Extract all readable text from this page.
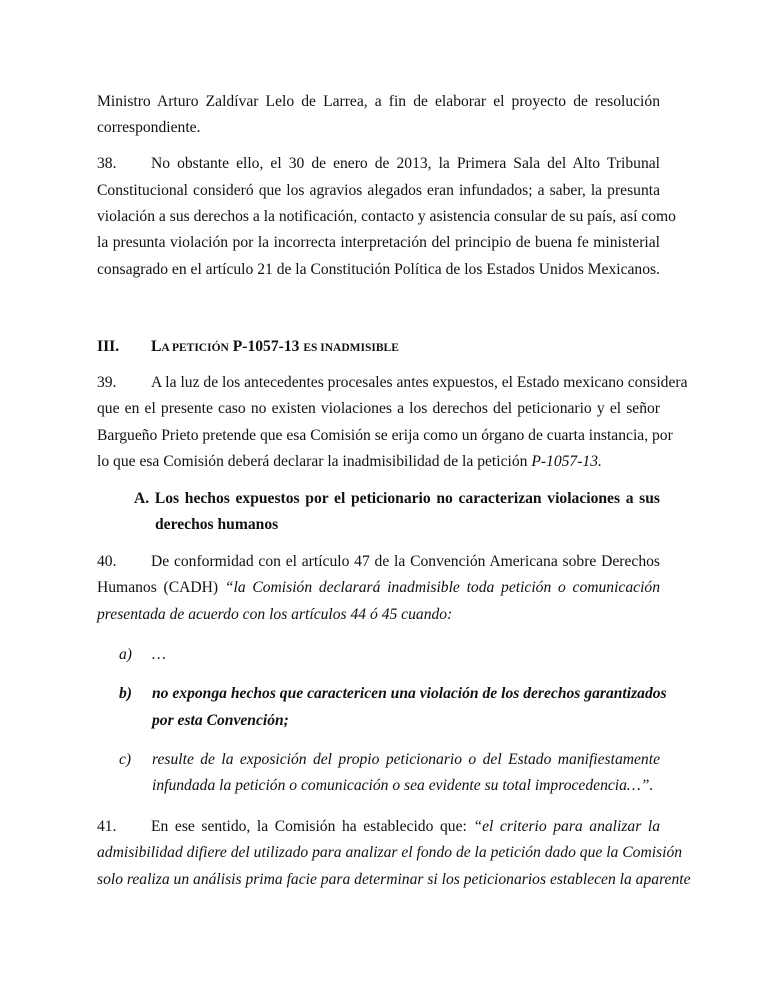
Ministro Arturo Zaldívar Lelo de Larrea, a fin de elaborar el proyecto de resolución
correspondiente.
38. No obstante ello, el 30 de enero de 2013, la Primera Sala del Alto Tribunal
Constitucional consideró que los agravios alegados eran infundados; a saber, la presunta
violación a sus derechos a la notificación, contacto y asistencia consular de su país, así como
la presunta violación por la incorrecta interpretación del principio de buena fe ministerial
consagrado en el artículo 21 de la Constitución Política de los Estados Unidos Mexicanos.
III. LA PETICIÓN P-1057-13 ES INADMISIBLE
39. A la luz de los antecedentes procesales antes expuestos, el Estado mexicano considera
que en el presente caso no existen violaciones a los derechos del peticionario y el señor
Bargueño Prieto pretende que esa Comisión se erija como un órgano de cuarta instancia, por
lo que esa Comisión deberá declarar la inadmisibilidad de la petición P-1057-13.
A. Los hechos expuestos por el peticionario no caracterizan violaciones a sus
derechos humanos
40. De conformidad con el artículo 47 de la Convención Americana sobre Derechos
Humanos (CADH) “la Comisión declarará inadmisible toda petición o comunicación
presentada de acuerdo con los artículos 44 ó 45 cuando:
a) …
b) no exponga hechos que caractericen una violación de los derechos garantizados
por esta Convención;
c) resulte de la exposición del propio peticionario o del Estado manifiestamente
infundada la petición o comunicación o sea evidente su total improcedencia…”.
41. En ese sentido, la Comisión ha establecido que: “el criterio para analizar la
admisibilidad difiere del utilizado para analizar el fondo de la petición dado que la Comisión
solo realiza un análisis prima facie para determinar si los peticionarios establecen la aparente
